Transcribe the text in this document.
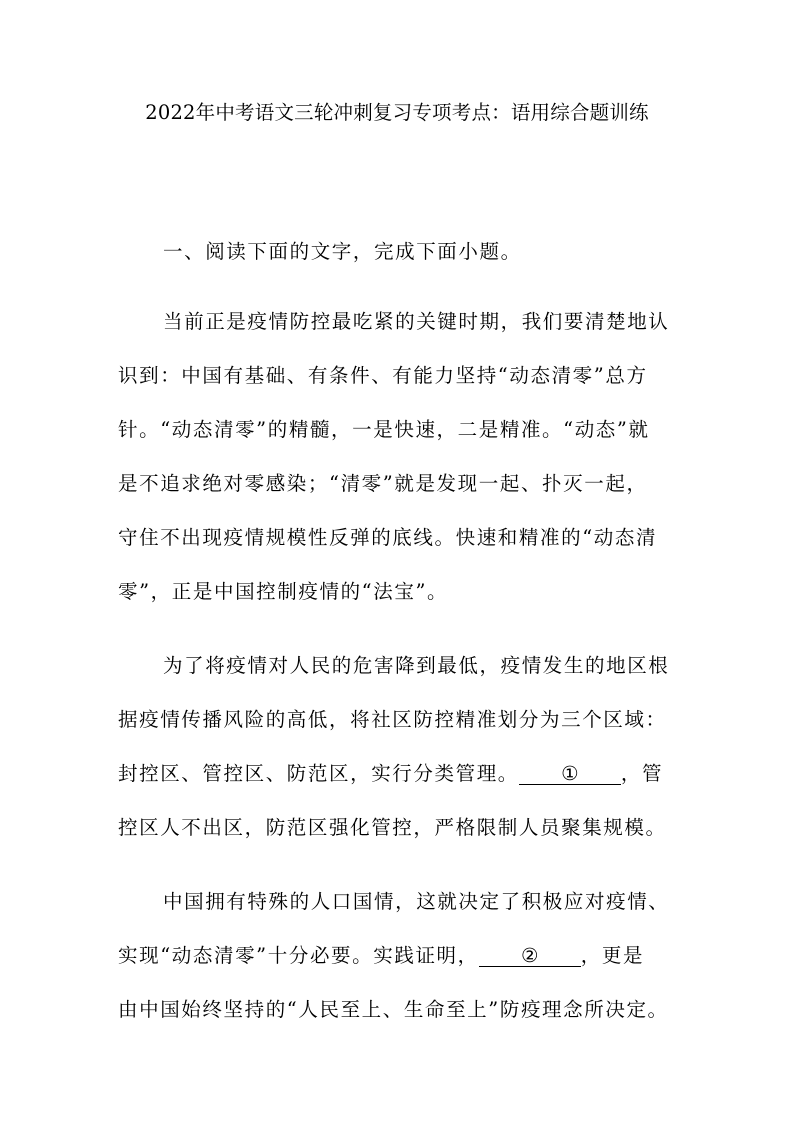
2022年中考语文三轮冲刺复习专项考点：语用综合题训练

一、阅读下面的文字，完成下面小题。

当前正是疫情防控最吃紧的关键时期，我们要清楚地认

识到：中国有基础、有条件、有能力坚持“动态清零”总方

针。“动态清零”的精髓，一是快速，二是精准。“动态”就

是不追求绝对零感染；“清零”就是发现一起、扑灭一起，

守住不出现疫情规模性反弹的底线。快速和精准的“动态清

零”，正是中国控制疫情的“法宝”。

为了将疫情对人民的危害降到最低，疫情发生的地区根

据疫情传播风险的高低，将社区防控精准划分为三个区域：

封控区、管控区、防范区，实行分类管理。 ① ，管

控区人不出区，防范区强化管控，严格限制人员聚集规模。

中国拥有特殊的人口国情，这就决定了积极应对疫情、

实现“动态清零”十分必要。实践证明， ② ，更是

由中国始终坚持的“人民至上、生命至上”防疫理念所决定。
